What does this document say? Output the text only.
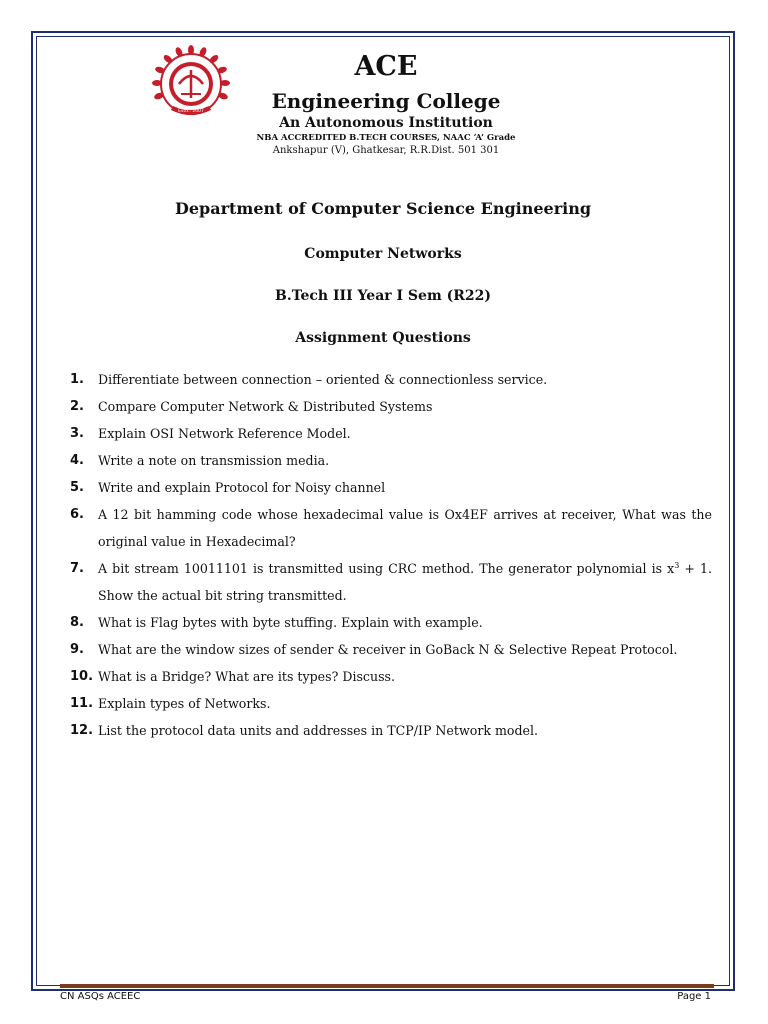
Estd.: 2007

ACE

Engineering College

An Autonomous Institution

NBA ACCREDITED B.TECH COURSES, NAAC ‘A’ Grade

Ankshapur (V), Ghatkesar, R.R.Dist. 501 301

Department of Computer Science Engineering
Computer Networks
B.Tech III Year I Sem (R22)
Assignment Questions
1. Differentiate between connection – oriented & connectionless service.
2. Compare Computer Network & Distributed Systems
3. Explain OSI Network Reference Model.
4. Write a note on transmission media.
5. Write and explain Protocol for Noisy channel
6. A 12 bit hamming code whose hexadecimal value is Ox4EF arrives at receiver, What was the original value in Hexadecimal?
7. A bit stream 10011101 is transmitted using CRC method. The generator polynomial is $x^3 + 1$. Show the actual bit string transmitted.
8. What is Flag bytes with byte stuffing. Explain with example.
9. What are the window sizes of sender & receiver in GoBack N & Selective Repeat Protocol.
10. What is a Bridge? What are its types? Discuss.
11. Explain types of Networks.
12. List the protocol data units and addresses in TCP/IP Network model.
CN ASQs ACEEC	Page 1
